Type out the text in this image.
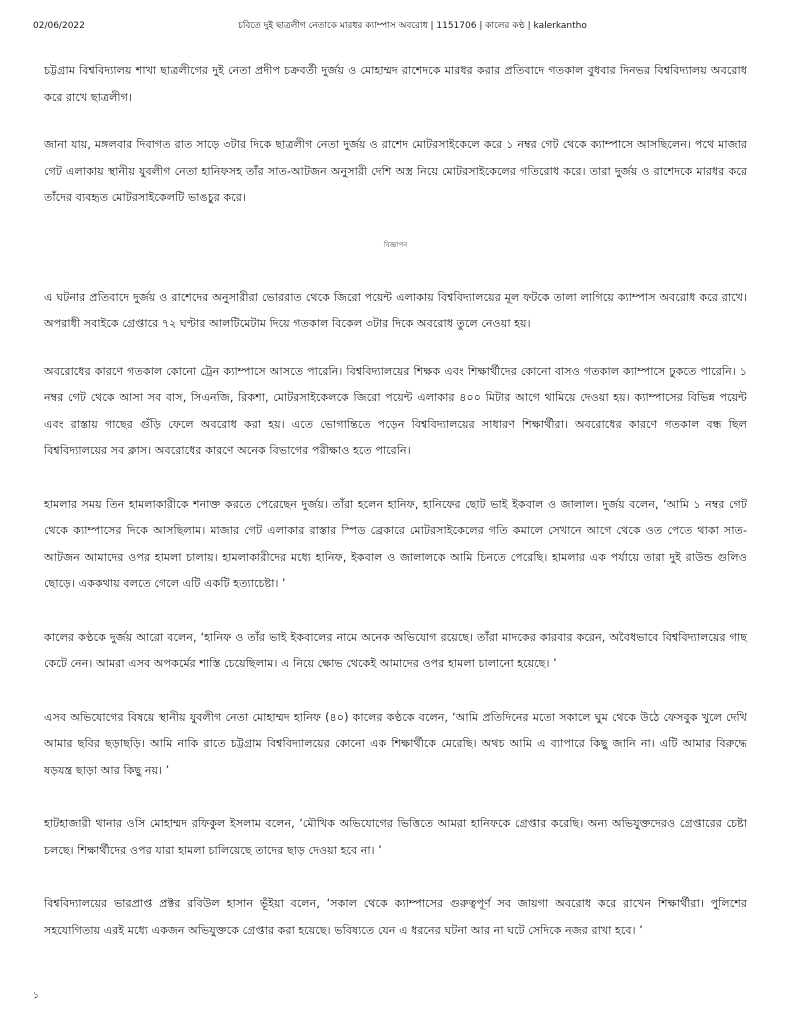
02/06/2022	চবিতে দুই ছাত্রলীগ নেতাকে মারধর ক্যাম্পাস অবরোধ | 1151706 | কালের কণ্ঠ | kalerkantho

চট্টগ্রাম বিশ্ববিদ্যালয় শাখা ছাত্রলীগের দুই নেতা প্রদীপ চক্রবর্তী দুর্জয় ও মোহাম্মদ রাশেদকে মারধর করার প্রতিবাদে গতকাল বুধবার দিনভর বিশ্ববিদ্যালয় অবরোধ করে রাখে ছাত্রলীগ।

জানা যায়, মঙ্গলবার দিবাগত রাত সাড়ে ৩টার দিকে ছাত্রলীগ নেতা দুর্জয় ও রাশেদ মোটরসাইকেলে করে ১ নম্বর গেট থেকে ক্যাম্পাসে আসছিলেন। পথে মাজার গেট এলাকায় স্থানীয় যুবলীগ নেতা হানিফসহ তাঁর সাত-আটজন অনুসারী দেশি অস্ত্র নিয়ে মোটরসাইকেলের গতিরোধ করে। তারা দুর্জয় ও রাশেদকে মারধর করে তাঁদের ব্যবহৃত মোটরসাইকেলটি ভাঙচুর করে।

বিজ্ঞাপন

এ ঘটনার প্রতিবাদে দুর্জয় ও রাশেদের অনুসারীরা ভোররাত থেকে জিরো পয়েন্ট এলাকায় বিশ্ববিদ্যালয়ের মূল ফটকে তালা লাগিয়ে ক্যাম্পাস অবরোধ করে রাখে। অপরাধী সবাইকে গ্রেপ্তারে ৭২ ঘণ্টার আলটিমেটাম দিয়ে গতকাল বিকেল ৩টার দিকে অবরোধ তুলে নেওয়া হয়।

অবরোধের কারণে গতকাল কোনো ট্রেন ক্যাম্পাসে আসতে পারেনি। বিশ্ববিদ্যালয়ের শিক্ষক এবং শিক্ষার্থীদের কোনো বাসও গতকাল ক্যাম্পাসে ঢুকতে পারেনি। ১ নম্বর গেট থেকে আসা সব বাস, সিএনজি, রিকশা, মোটরসাইকেলকে জিরো পয়েন্ট এলাকার ৪০০ মিটার আগে থামিয়ে দেওয়া হয়। ক্যাম্পাসের বিভিন্ন পয়েন্ট এবং রাস্তায় গাছের গুঁড়ি ফেলে অবরোধ করা হয়। এতে ভোগান্তিতে পড়েন বিশ্ববিদ্যালয়ের সাধারণ শিক্ষার্থীরা। অবরোধের কারণে গতকাল বন্ধ ছিল বিশ্ববিদ্যালয়ের সব ক্লাস। অবরোধের কারণে অনেক বিভাগের পরীক্ষাও হতে পারেনি।

হামলার সময় তিন হামলাকারীকে শনাক্ত করতে পেরেছেন দুর্জয়। তাঁরা হলেন হানিফ, হানিফের ছোট ভাই ইকবাল ও জালাল। দুর্জয় বলেন, ‘আমি ১ নম্বর গেট থেকে ক্যাম্পাসের দিকে আসছিলাম। মাজার গেট এলাকার রাস্তার স্পিড ব্রেকারে মোটরসাইকেলের গতি কমালে সেখানে আগে থেকে ওত পেতে থাকা সাত-আটজন আমাদের ওপর হামলা চালায়। হামলাকারীদের মধ্যে হানিফ, ইকবাল ও জালালকে আমি চিনতে পেরেছি। হামলার এক পর্যায়ে তারা দুই রাউন্ড গুলিও ছোড়ে। এককথায় বলতে গেলে এটি একটি হত্যাচেষ্টা। ’

কালের কণ্ঠকে দুর্জয় আরো বলেন, ‘হানিফ ও তাঁর ভাই ইকবালের নামে অনেক অভিযোগ রয়েছে। তাঁরা মাদকের কারবার করেন, অবৈধভাবে বিশ্ববিদ্যালয়ের গাছ কেটে নেন। আমরা এসব অপকর্মের শাস্তি চেয়েছিলাম। এ নিয়ে ক্ষোভ থেকেই আমাদের ওপর হামলা চালানো হয়েছে। ’

এসব অভিযোগের বিষয়ে স্থানীয় যুবলীগ নেতা মোহাম্মদ হানিফ (৪০) কালের কণ্ঠকে বলেন, ‘আমি প্রতিদিনের মতো সকালে ঘুম থেকে উঠে ফেসবুক খুলে দেখি আমার ছবির ছড়াছড়ি। আমি নাকি রাতে চট্টগ্রাম বিশ্ববিদ্যালয়ের কোনো এক শিক্ষার্থীকে মেরেছি। অথচ আমি এ ব্যাপারে কিছু জানি না। এটি আমার বিরুদ্ধে ষড়যন্ত্র ছাড়া আর কিছু নয়। ’

হাটহাজারী থানার ওসি মোহাম্মদ রফিকুল ইসলাম বলেন, ‘মৌখিক অভিযোগের ভিত্তিতে আমরা হানিফকে গ্রেপ্তার করেছি। অন্য অভিযুক্তদেরও গ্রেপ্তারের চেষ্টা চলছে। শিক্ষার্থীদের ওপর যারা হামলা চালিয়েছে তাদের ছাড় দেওয়া হবে না। ’

বিশ্ববিদ্যালয়ের ভারপ্রাপ্ত প্রক্টর রবিউল হাসান ভূঁইয়া বলেন, ‘সকাল থেকে ক্যাম্পাসের গুরুত্বপূর্ণ সব জায়গা অবরোধ করে রাখেন শিক্ষার্থীরা। পুলিশের সহযোগিতায় এরই মধ্যে একজন অভিযুক্তকে গ্রেপ্তার করা হয়েছে। ভবিষ্যতে যেন এ ধরনের ঘটনা আর না ঘটে সেদিকে নজর রাখা হবে। ’

১
